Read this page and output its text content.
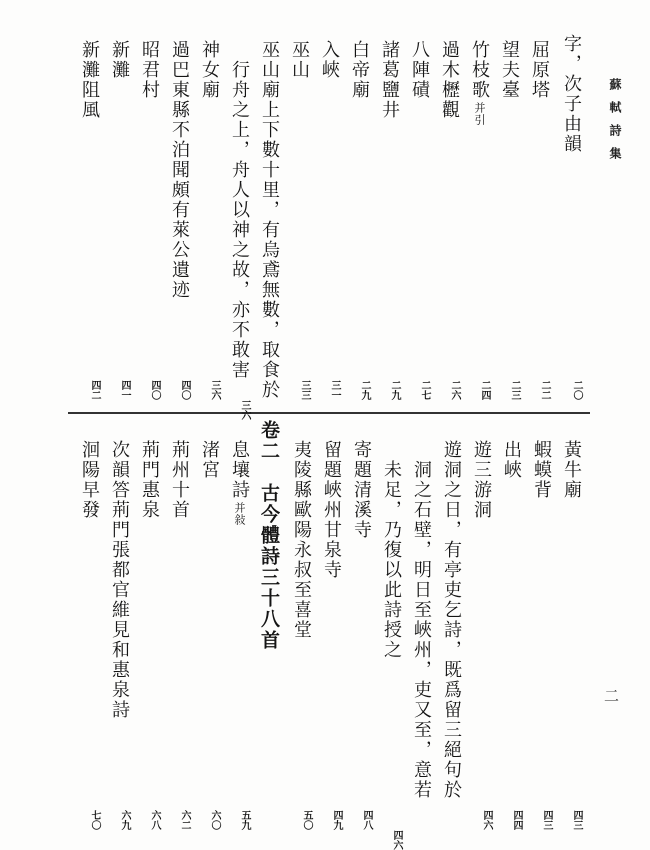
蘇軾詩集
二
字，次子由韻
二〇
屈原塔
二二
望夫臺
二三
竹枝歌
并引
二四
過木櫪觀
二六
八陣磧
二七
諸葛鹽井
二九
白帝廟
二九
入峽
三一
巫山
三三
巫山廟上下數十里，有烏鳶無數，取食於
行舟之上，舟人以神之故，亦不敢害
三六
神女廟
三六
過巴東縣不泊聞頗有萊公遺迹
四〇
昭君村
四〇
新灘
四一
新灘阻風
四二
黃牛廟
四三
蝦蟆背
四三
出峽
四四
遊三游洞
四六
遊洞之日，有亭吏乞詩，既爲留三絕句於
洞之石壁，明日至峽州，吏又至，意若
未足，乃復以此詩授之
四六
寄題清溪寺
四八
留題峽州甘泉寺
四九
夷陵縣歐陽永叔至喜堂
五〇
卷二　古今體詩三十八首
息壤詩
并敍
五九
渚宮
六〇
荊州十首
六二
荊門惠泉
六八
次韻答荊門張都官維見和惠泉詩
六九
洄陽早發
七〇
